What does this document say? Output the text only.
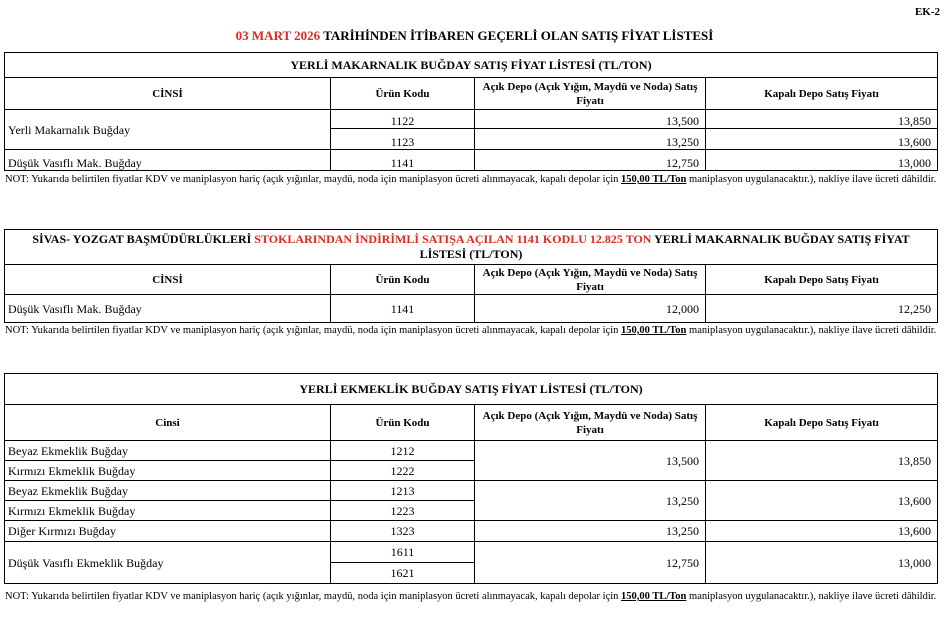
EK-2
03 MART 2026 TARİHİNDEN İTİBAREN GEÇERLİ OLAN SATIŞ FİYAT LİSTESİ
YERLİ MAKARNALIK BUĞDAY SATIŞ FİYAT LİSTESİ (TL/TON)			
CİNSİ	Ürün Kodu	Açık Depo (Açık Yığın, Maydü ve Noda) Satış Fiyatı	Kapalı Depo Satış Fiyatı
Yerli Makarnalık Buğday	1122	13,500	13,850
	1123	13,250	13,600
Düşük Vasıflı Mak. Buğday	1141	12,750	13,000
NOT: Yukarıda belirtilen fiyatlar KDV ve maniplasyon hariç (açık yığınlar, maydü, noda için maniplasyon ücreti alınmayacak, kapalı depolar için 150,00 TL/Ton maniplasyon uygulanacaktır.), nakliye ilave ücreti dâhildir.
SİVAS- YOZGAT BAŞMÜDÜRLÜKLERİ STOKLARINDAN İNDİRİMLİ SATIŞA AÇILAN 1141 KODLU 12.825 TON YERLİ MAKARNALIK BUĞDAY SATIŞ FİYAT LİSTESİ (TL/TON)			
CİNSİ	Ürün Kodu	Açık Depo (Açık Yığın, Maydü ve Noda) Satış Fiyatı	Kapalı Depo Satış Fiyatı
Düşük Vasıflı Mak. Buğday	1141	12,000	12,250
NOT: Yukarıda belirtilen fiyatlar KDV ve maniplasyon hariç (açık yığınlar, maydü, noda için maniplasyon ücreti alınmayacak, kapalı depolar için 150,00 TL/Ton maniplasyon uygulanacaktır.), nakliye ilave ücreti dâhildir.
YERLİ EKMEKLİK BUĞDAY SATIŞ FİYAT LİSTESİ (TL/TON)			
Cinsi	Ürün Kodu	Açık Depo (Açık Yığın, Maydü ve Noda) Satış Fiyatı	Kapalı Depo Satış Fiyatı
Beyaz Ekmeklik Buğday	1212	13,500	13,850
Kırmızı Ekmeklik Buğday	1222		
Beyaz Ekmeklik Buğday	1213	13,250	13,600
Kırmızı Ekmeklik Buğday	1223		
Diğer Kırmızı Buğday	1323	13,250	13,600
Düşük Vasıflı Ekmeklik Buğday	1611	12,750	13,000
	1621		
NOT: Yukarıda belirtilen fiyatlar KDV ve maniplasyon hariç (açık yığınlar, maydü, noda için maniplasyon ücreti alınmayacak, kapalı depolar için 150,00 TL/Ton maniplasyon uygulanacaktır.), nakliye ilave ücreti dâhildir.
